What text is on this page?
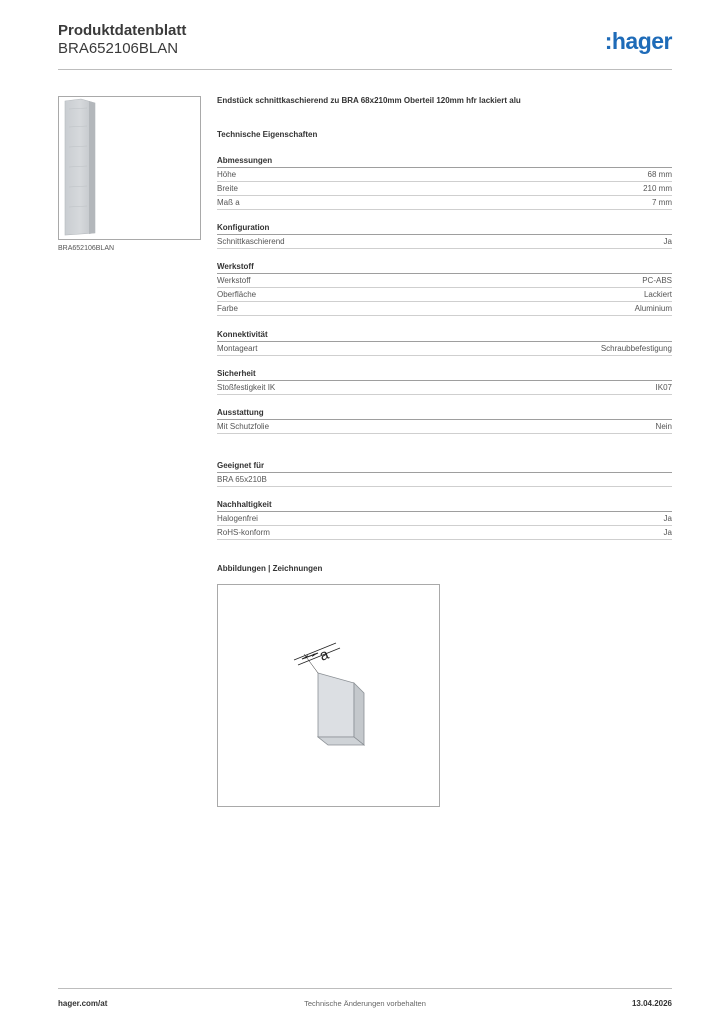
Produktdatenblatt
BRA652106BLAN	:hager
BRA652106BLAN
Endstück schnittkaschierend zu BRA 68x210mm Oberteil 120mm hfr lackiert alu
Technische Eigenschaften
Abmessungen
Höhe	68 mm
Breite	210 mm
Maß a	7 mm
Konfiguration
Schnittkaschierend	Ja
Werkstoff
Werkstoff	PC-ABS
Oberfläche	Lackiert
Farbe	Aluminium
Konnektivität
Montageart	Schraubbefestigung
Sicherheit
Stoßfestigkeit IK	IK07
Ausstattung
Mit Schutzfolie	Nein
Geeignet für
BRA 65x210B
Nachhaltigkeit
Halogenfrei	Ja
RoHS-konform	Ja
Abbildungen | Zeichnungen
a
hager.com/at	Technische Änderungen vorbehalten	13.04.2026
